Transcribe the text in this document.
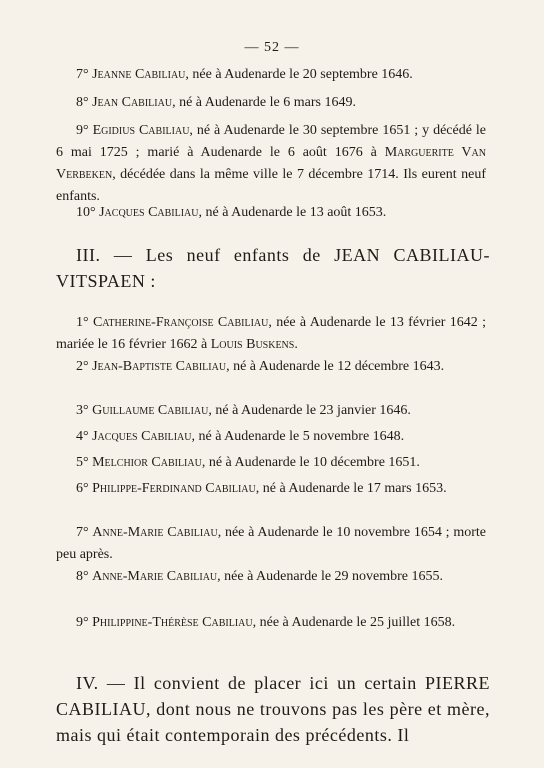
— 52 —

7° Jeanne Cabiliau, née à Audenarde le 20 septembre 1646.

8° Jean Cabiliau, né à Audenarde le 6 mars 1649.

9° Egidius Cabiliau, né à Audenarde le 30 septembre 1651 ; y décédé le 6 mai 1725 ; marié à Audenarde le 6 août 1676 à Marguerite Van Verbeken, décédée dans la même ville le 7 décembre 1714. Ils eurent neuf enfants.

10° Jacques Cabiliau, né à Audenarde le 13 août 1653.

III. — Les neuf enfants de JEAN CABILIAU-VITSPAEN :

1° Catherine-Françoise Cabiliau, née à Audenarde le 13 février 1642 ; mariée le 16 février 1662 à Louis Buskens.

2° Jean-Baptiste Cabiliau, né à Audenarde le 12 décembre 1643.

3° Guillaume Cabiliau, né à Audenarde le 23 janvier 1646.

4° Jacques Cabiliau, né à Audenarde le 5 novembre 1648.

5° Melchior Cabiliau, né à Audenarde le 10 décembre 1651.

6° Philippe-Ferdinand Cabiliau, né à Audenarde le 17 mars 1653.

7° Anne-Marie Cabiliau, née à Audenarde le 10 novembre 1654 ; morte peu après.

8° Anne-Marie Cabiliau, née à Audenarde le 29 novembre 1655.

9° Philippine-Thérèse Cabiliau, née à Audenarde le 25 juillet 1658.

IV. — Il convient de placer ici un certain PIERRE CABILIAU, dont nous ne trouvons pas les père et mère, mais qui était contemporain des précédents. Il
